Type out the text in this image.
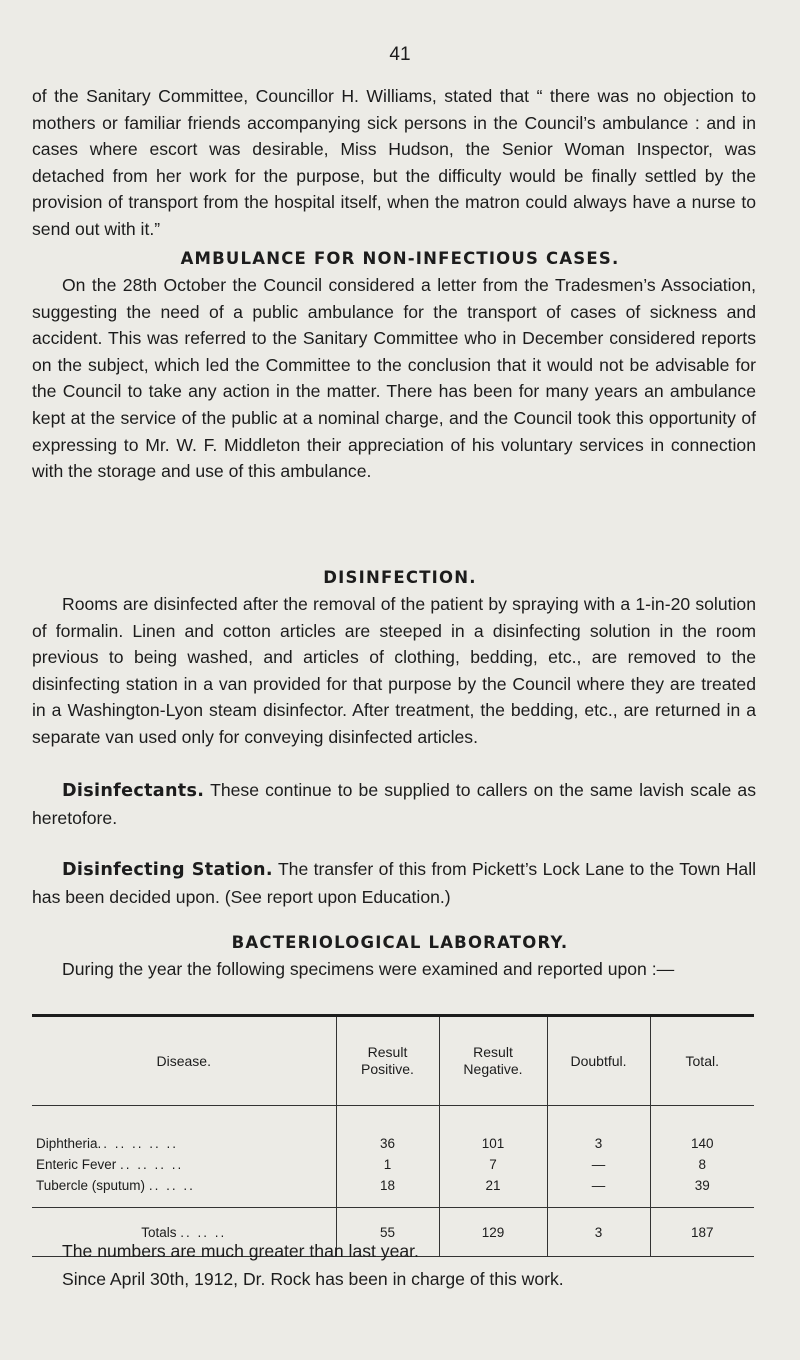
41

of the Sanitary Committee, Councillor H. Williams, stated that “ there was no objection to mothers or familiar friends accompanying sick persons in the Council’s ambulance : and in cases where escort was desirable, Miss Hudson, the Senior Woman Inspector, was detached from her work for the purpose, but the difficulty would be finally settled by the provision of transport from the hospital itself, when the matron could always have a nurse to send out with it.”

AMBULANCE FOR NON-INFECTIOUS CASES.

On the 28th October the Council considered a letter from the Tradesmen’s Association, suggesting the need of a public ambulance for the transport of cases of sickness and accident. This was referred to the Sanitary Committee who in December considered reports on the subject, which led the Committee to the conclusion that it would not be advisable for the Council to take any action in the matter. There has been for many years an ambulance kept at the service of the public at a nominal charge, and the Council took this opportunity of expressing to Mr. W. F. Middleton their appreciation of his voluntary services in connection with the storage and use of this ambulance.

DISINFECTION.

Rooms are disinfected after the removal of the patient by spraying with a 1-in-20 solution of formalin. Linen and cotton articles are steeped in a disinfecting solution in the room previous to being washed, and articles of clothing, bedding, etc., are removed to the disinfecting station in a van provided for that purpose by the Council where they are treated in a Washington-Lyon steam disinfector. After treatment, the bedding, etc., are returned in a separate van used only for conveying disinfected articles.

Disinfectants. These continue to be supplied to callers on the same lavish scale as heretofore.

Disinfecting Station. The transfer of this from Pickett’s Lock Lane to the Town Hall has been decided upon. (See report upon Education.)

BACTERIOLOGICAL LABORATORY.

During the year the following specimens were examined and reported upon :—

Disease.	Result Positive.	Result Negative.	Doubtful.	Total.
Diphtheria.. .. .. .. ..	36	101	3	140
Enteric Fever .. .. .. ..	1	7	—	8
Tubercle (sputum) .. .. ..	18	21	—	39
Totals .. .. ..	55	129	3	187

The numbers are much greater than last year.

Since April 30th, 1912, Dr. Rock has been in charge of this work.
